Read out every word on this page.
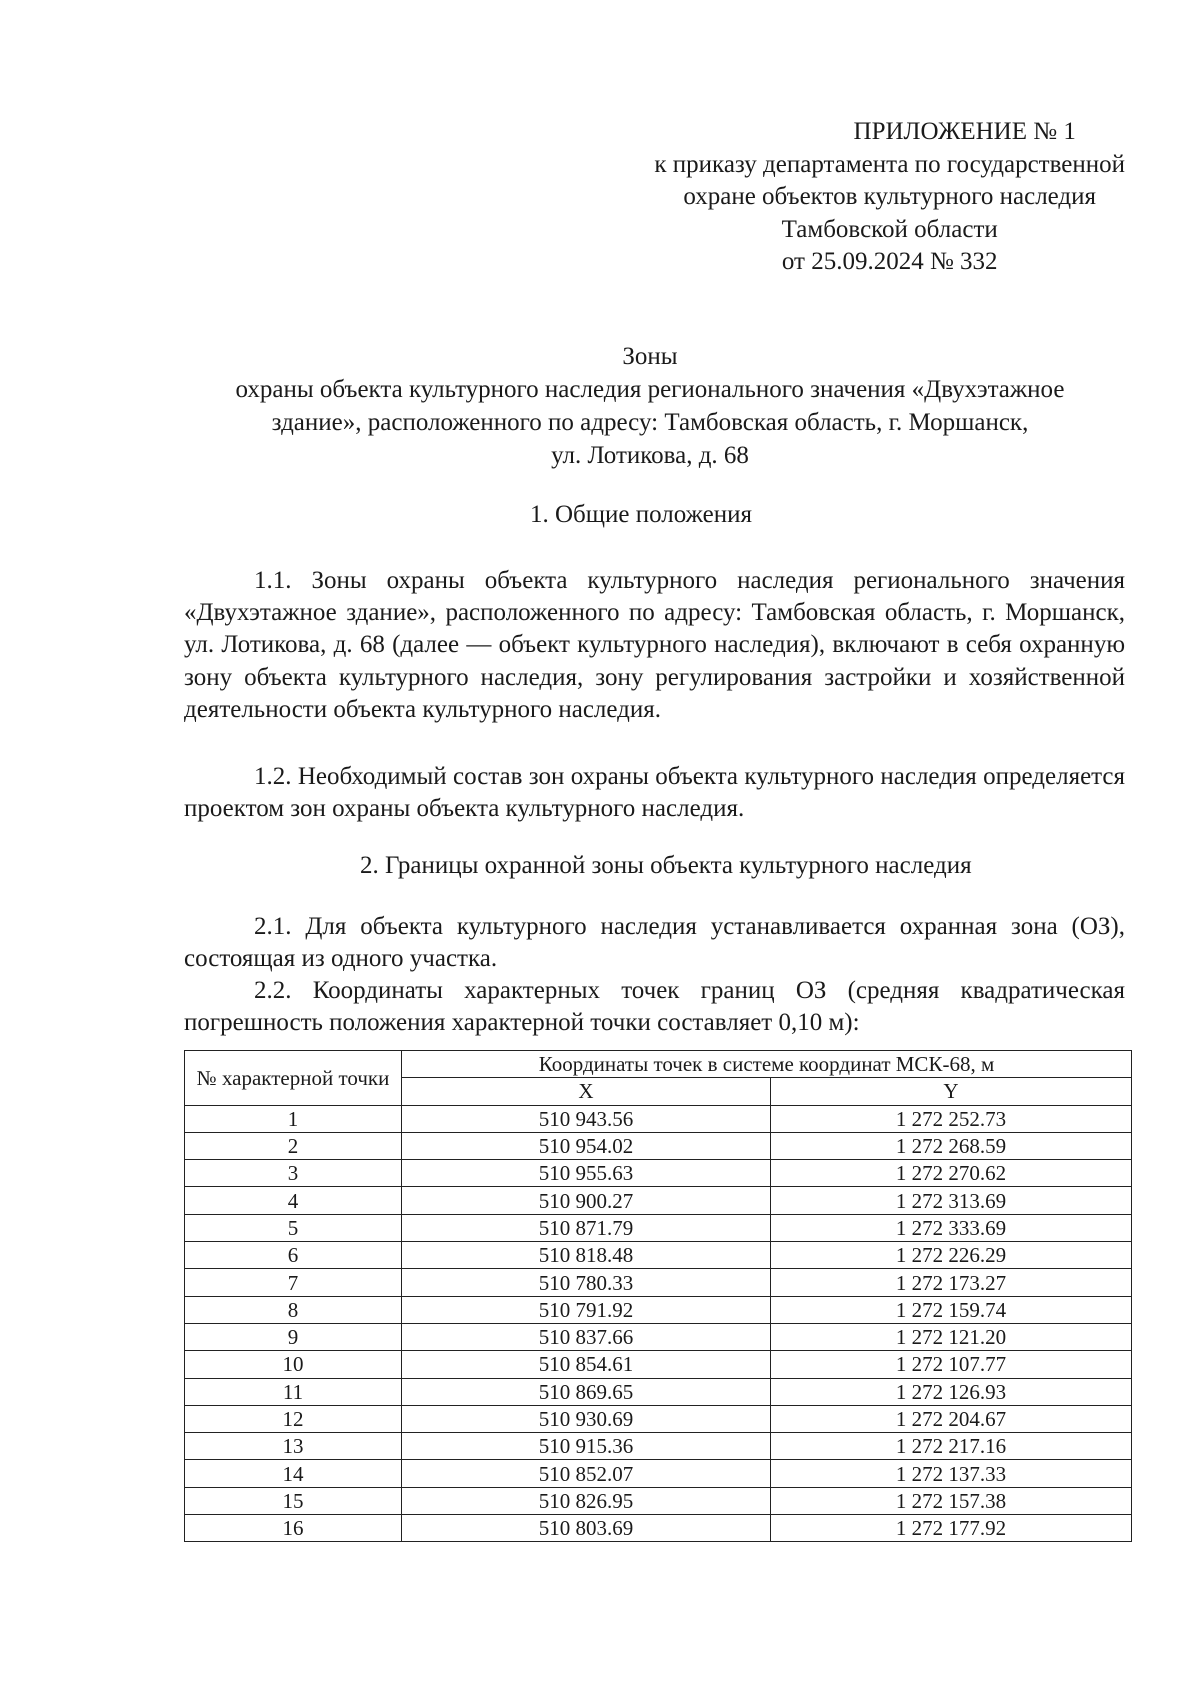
ПРИЛОЖЕНИЕ № 1
к приказу департамента по государственной
охране объектов культурного наследия
Тамбовской области
от 25.09.2024 № 332
Зоны
охраны объекта культурного наследия регионального значения «Двухэтажное
здание», расположенного по адресу: Тамбовская область, г. Моршанск,
ул. Лотикова, д. 68
1. Общие положения

1.1. Зоны охраны объекта культурного наследия регионального значения «Двухэтажное здание», расположенного по адресу: Тамбовская область, г. Моршанск, ул. Лотикова, д. 68 (далее — объект культурного наследия), включают в себя охранную зону объекта культурного наследия, зону регулирования застройки и хозяйственной деятельности объекта культурного наследия.

1.2. Необходимый состав зон охраны объекта культурного наследия определяется проектом зон охраны объекта культурного наследия.

2. Границы охранной зоны объекта культурного наследия

2.1. Для объекта культурного наследия устанавливается охранная зона (ОЗ), состоящая из одного участка.

2.2. Координаты характерных точек границ ОЗ (средняя квадратическая погрешность положения характерной точки составляет 0,10 м):

№ характерной точки	Координаты точек в системе координат МСК-68, м	
	X	Y
1	510 943.56	1 272 252.73
2	510 954.02	1 272 268.59
3	510 955.63	1 272 270.62
4	510 900.27	1 272 313.69
5	510 871.79	1 272 333.69
6	510 818.48	1 272 226.29
7	510 780.33	1 272 173.27
8	510 791.92	1 272 159.74
9	510 837.66	1 272 121.20
10	510 854.61	1 272 107.77
11	510 869.65	1 272 126.93
12	510 930.69	1 272 204.67
13	510 915.36	1 272 217.16
14	510 852.07	1 272 137.33
15	510 826.95	1 272 157.38
16	510 803.69	1 272 177.92
